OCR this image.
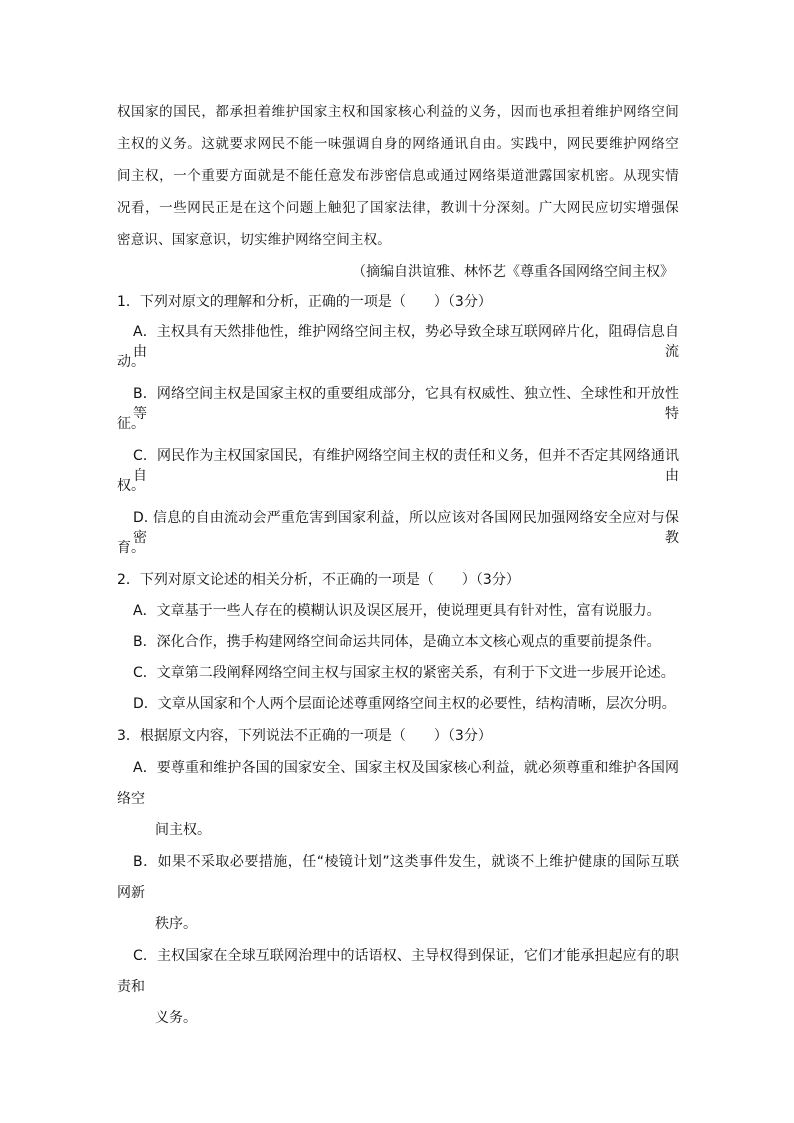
权国家的国民，都承担着维护国家主权和国家核心利益的义务，因而也承担着维护网络空间
主权的义务。这就要求网民不能一味强调自身的网络通讯自由。实践中，网民要维护网络空
间主权，一个重要方面就是不能任意发布涉密信息或通过网络渠道泄露国家机密。从现实情
况看，一些网民正是在这个问题上触犯了国家法律，教训十分深刻。广大网民应切实增强保
密意识、国家意识，切实维护网络空间主权。
（摘编自洪谊雅、林怀艺《尊重各国网络空间主权》
1．下列对原文的理解和分析，正确的一项是（　　）（3分）
A．主权具有天然排他性，维护网络空间主权，势必导致全球互联网碎片化，阻碍信息自由流
动。
B．网络空间主权是国家主权的重要组成部分，它具有权威性、独立性、全球性和开放性等特
征。
C．网民作为主权国家国民，有维护网络空间主权的责任和义务，但并不否定其网络通讯自由
权。
D. 信息的自由流动会严重危害到国家利益，所以应该对各国网民加强网络安全应对与保密教
育。
2．下列对原文论述的相关分析，不正确的一项是（　　）（3分）
A．文章基于一些人存在的模糊认识及误区展开，使说理更具有针对性，富有说服力。
B．深化合作，携手构建网络空间命运共同体，是确立本文核心观点的重要前提条件。
C．文章第二段阐释网络空间主权与国家主权的紧密关系，有利于下文进一步展开论述。
D．文章从国家和个人两个层面论述尊重网络空间主权的必要性，结构清晰，层次分明。
3．根据原文内容，下列说法不正确的一项是（　　）（3分）
A．要尊重和维护各国的国家安全、国家主权及国家核心利益，就必须尊重和维护各国网
络空
间主权。
B．如果不采取必要措施，任“棱镜计划”这类事件发生，就谈不上维护健康的国际互联
网新
秩序。
C．主权国家在全球互联网治理中的话语权、主导权得到保证，它们才能承担起应有的职
责和
义务。
